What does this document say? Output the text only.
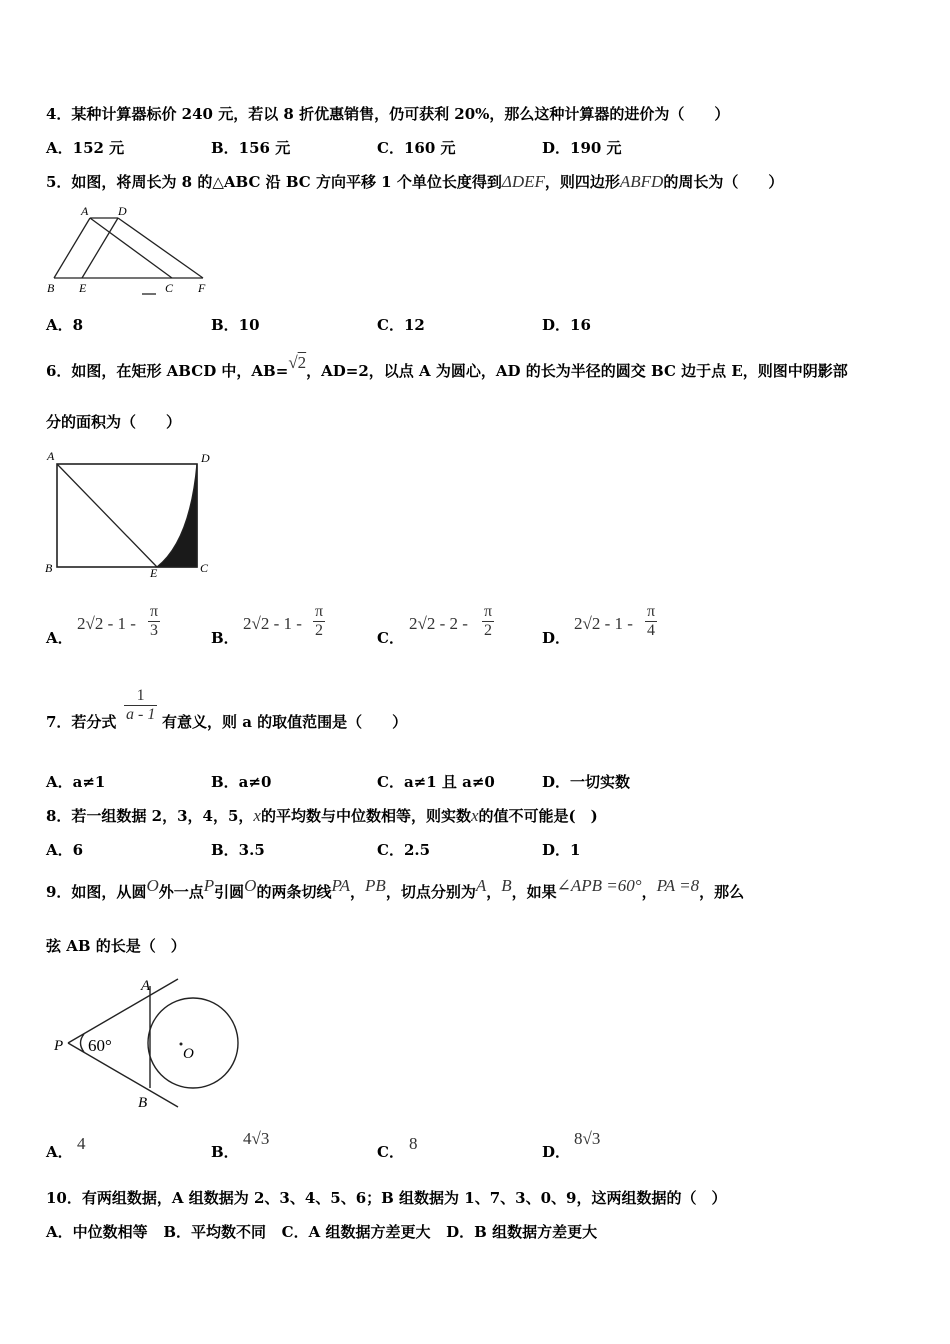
4．某种计算器标价 240 元，若以 8 折优惠销售，仍可获利 20%，那么这种计算器的进价为（　　）
A．152 元	B．156 元	C．160 元	D．190 元
5．如图，将周长为 8 的△ABC 沿 BC 方向平移 1 个单位长度得到ΔDEF，则四边形ABFD的周长为（　　）
A D
B E	C F
A．8	B．10	C．12	D．16
6．如图，在矩形 ABCD 中，AB=√2，AD=2，以点 A 为圆心，AD 的长为半径的圆交 BC 边于点 E，则图中阴影部
分的面积为（　　）
A	D
B	E	C
A．
$2√2 - 1 - \frac{\pi}{3}$	B．
$2√2 - 1 - \frac{\pi}{2}$	C．
$2√2 - 2 - \frac{\pi}{2}$	D．
$2√2 - 1 - \frac{\pi}{4}$
7．若分式 $\frac{1}{a - 1}$ 有意义，则 a 的取值范围是（　　）
A．a≠1	B．a≠0	C．a≠1 且 a≠0	D．一切实数
8．若一组数据 2，3，4，5，x的平均数与中位数相等，则实数x的值不可能是(　)
A．6	B．3.5	C．2.5	D．1
9．如图，从圆O外一点P引圆O的两条切线PA，PB，切点分别为A，B，如果∠APB =60°，PA =8，那么
弦 AB 的长是（　）
A
P 60°	O
B
A． 4	B．
4√3
C． 8	D．
8√3
10．有两组数据，A 组数据为 2、3、4、5、6；B 组数据为 1、7、3、0、9，这两组数据的（　）
A．中位数相等 B．平均数不同 C．A 组数据方差更大 D．B 组数据方差更大
